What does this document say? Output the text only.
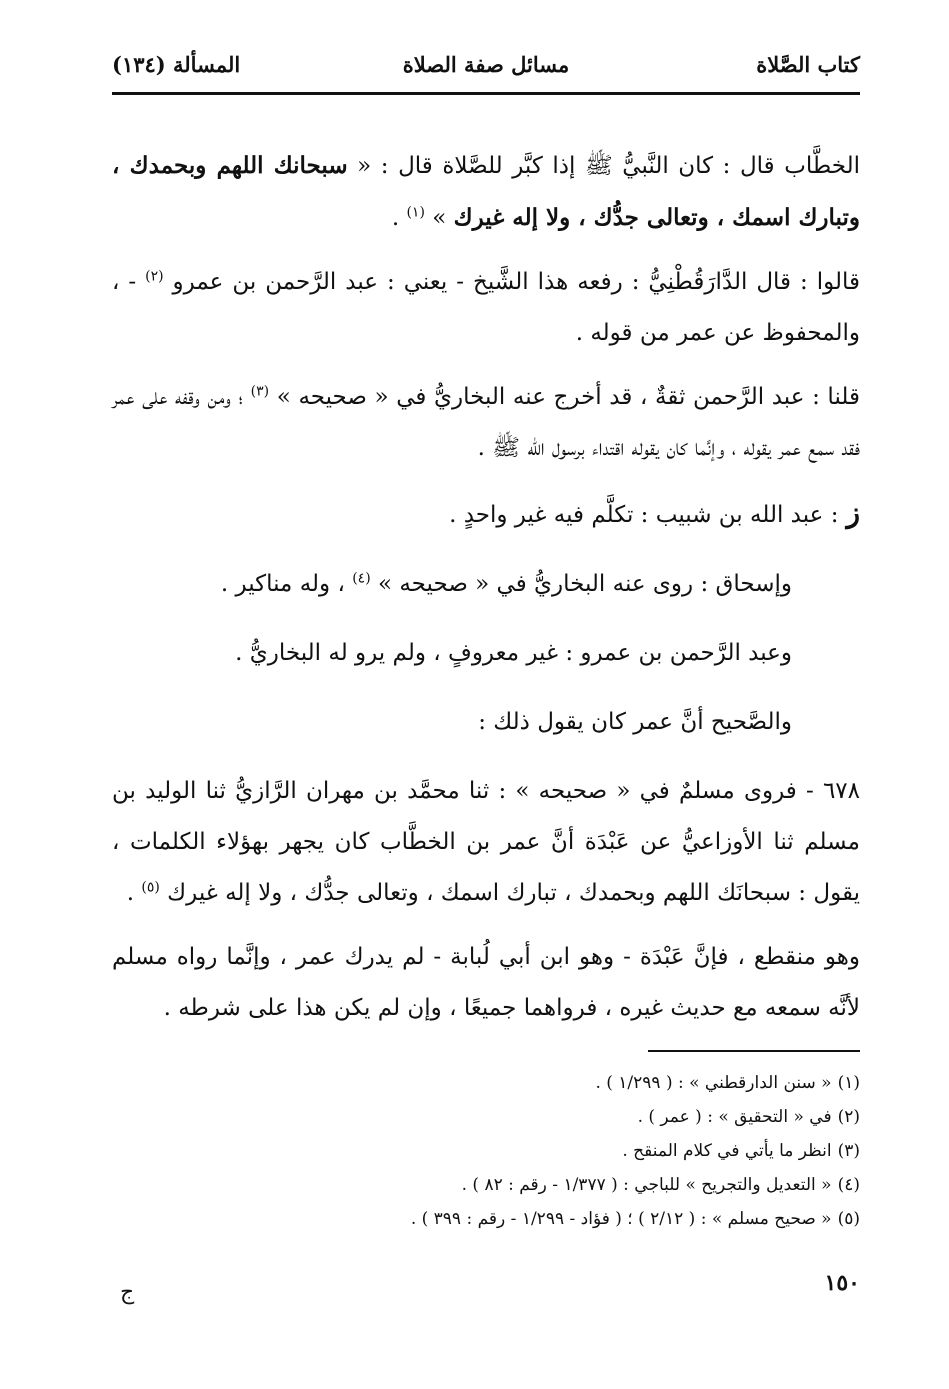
كتاب الصَّلاة
مسائل صفة الصلاة
المسألة (١٣٤)

الخطَّاب قال : كان النَّبيُّ ﷺ إذا كبَّر للصَّلاة قال : « سبحانك اللهم وبحمدك ، وتبارك اسمك ، وتعالى جدُّك ، ولا إله غيرك » $^{(١)}$ .

قالوا : قال الدَّارَقُطْنِيُّ : رفعه هذا الشَّيخ - يعني : عبد الرَّحمن بن عمرو $^{(٢)}$ - ، والمحفوظ عن عمر من قوله .

قلنا : عبد الرَّحمن ثقةٌ ، قد أخرج عنه البخاريُّ في « صحيحه » $^{(٣)}$ ؛ ومن وقفه على عمر فقد سمع عمر يقوله ، وإنَّما كان يقوله اقتداء برسول الله ﷺ .

ز: عبد الله بن شبيب : تكلَّم فيه غير واحدٍ .

وإسحاق : روى عنه البخاريُّ في « صحيحه » $^{(٤)}$ ، وله مناكير .

وعبد الرَّحمن بن عمرو : غير معروفٍ ، ولم يرو له البخاريُّ .

والصَّحيح أنَّ عمر كان يقول ذلك :

٦٧٨ - فروى مسلمٌ في « صحيحه » : ثنا محمَّد بن مهران الرَّازيُّ ثنا الوليد بن مسلم ثنا الأوزاعيُّ عن عَبْدَة أنَّ عمر بن الخطَّاب كان يجهر بهؤلاء الكلمات ، يقول : سبحانَك اللهم وبحمدك ، تبارك اسمك ، وتعالى جدُّك ، ولا إله غيرك $^{(٥)}$ .

وهو منقطع ، فإنَّ عَبْدَة - وهو ابن أبي لُبابة - لم يدرك عمر ، وإنَّما رواه مسلم لأنَّه سمعه مع حديث غيره ، فرواهما جميعًا ، وإن لم يكن هذا على شرطه .

(١)« سنن الدارقطني » : ( ١/٢٩٩ ) .
(٢)في « التحقيق » : ( عمر ) .
(٣)انظر ما يأتي في كلام المنقح .
(٤)« التعديل والتجريح » للباجي : ( ١/٣٧٧ - رقم : ٨٢ ) .
(٥)« صحيح مسلم » : ( ٢/١٢ ) ؛ ( فؤاد - ١/٢٩٩ - رقم : ٣٩٩ ) .
١٥٠
ج
